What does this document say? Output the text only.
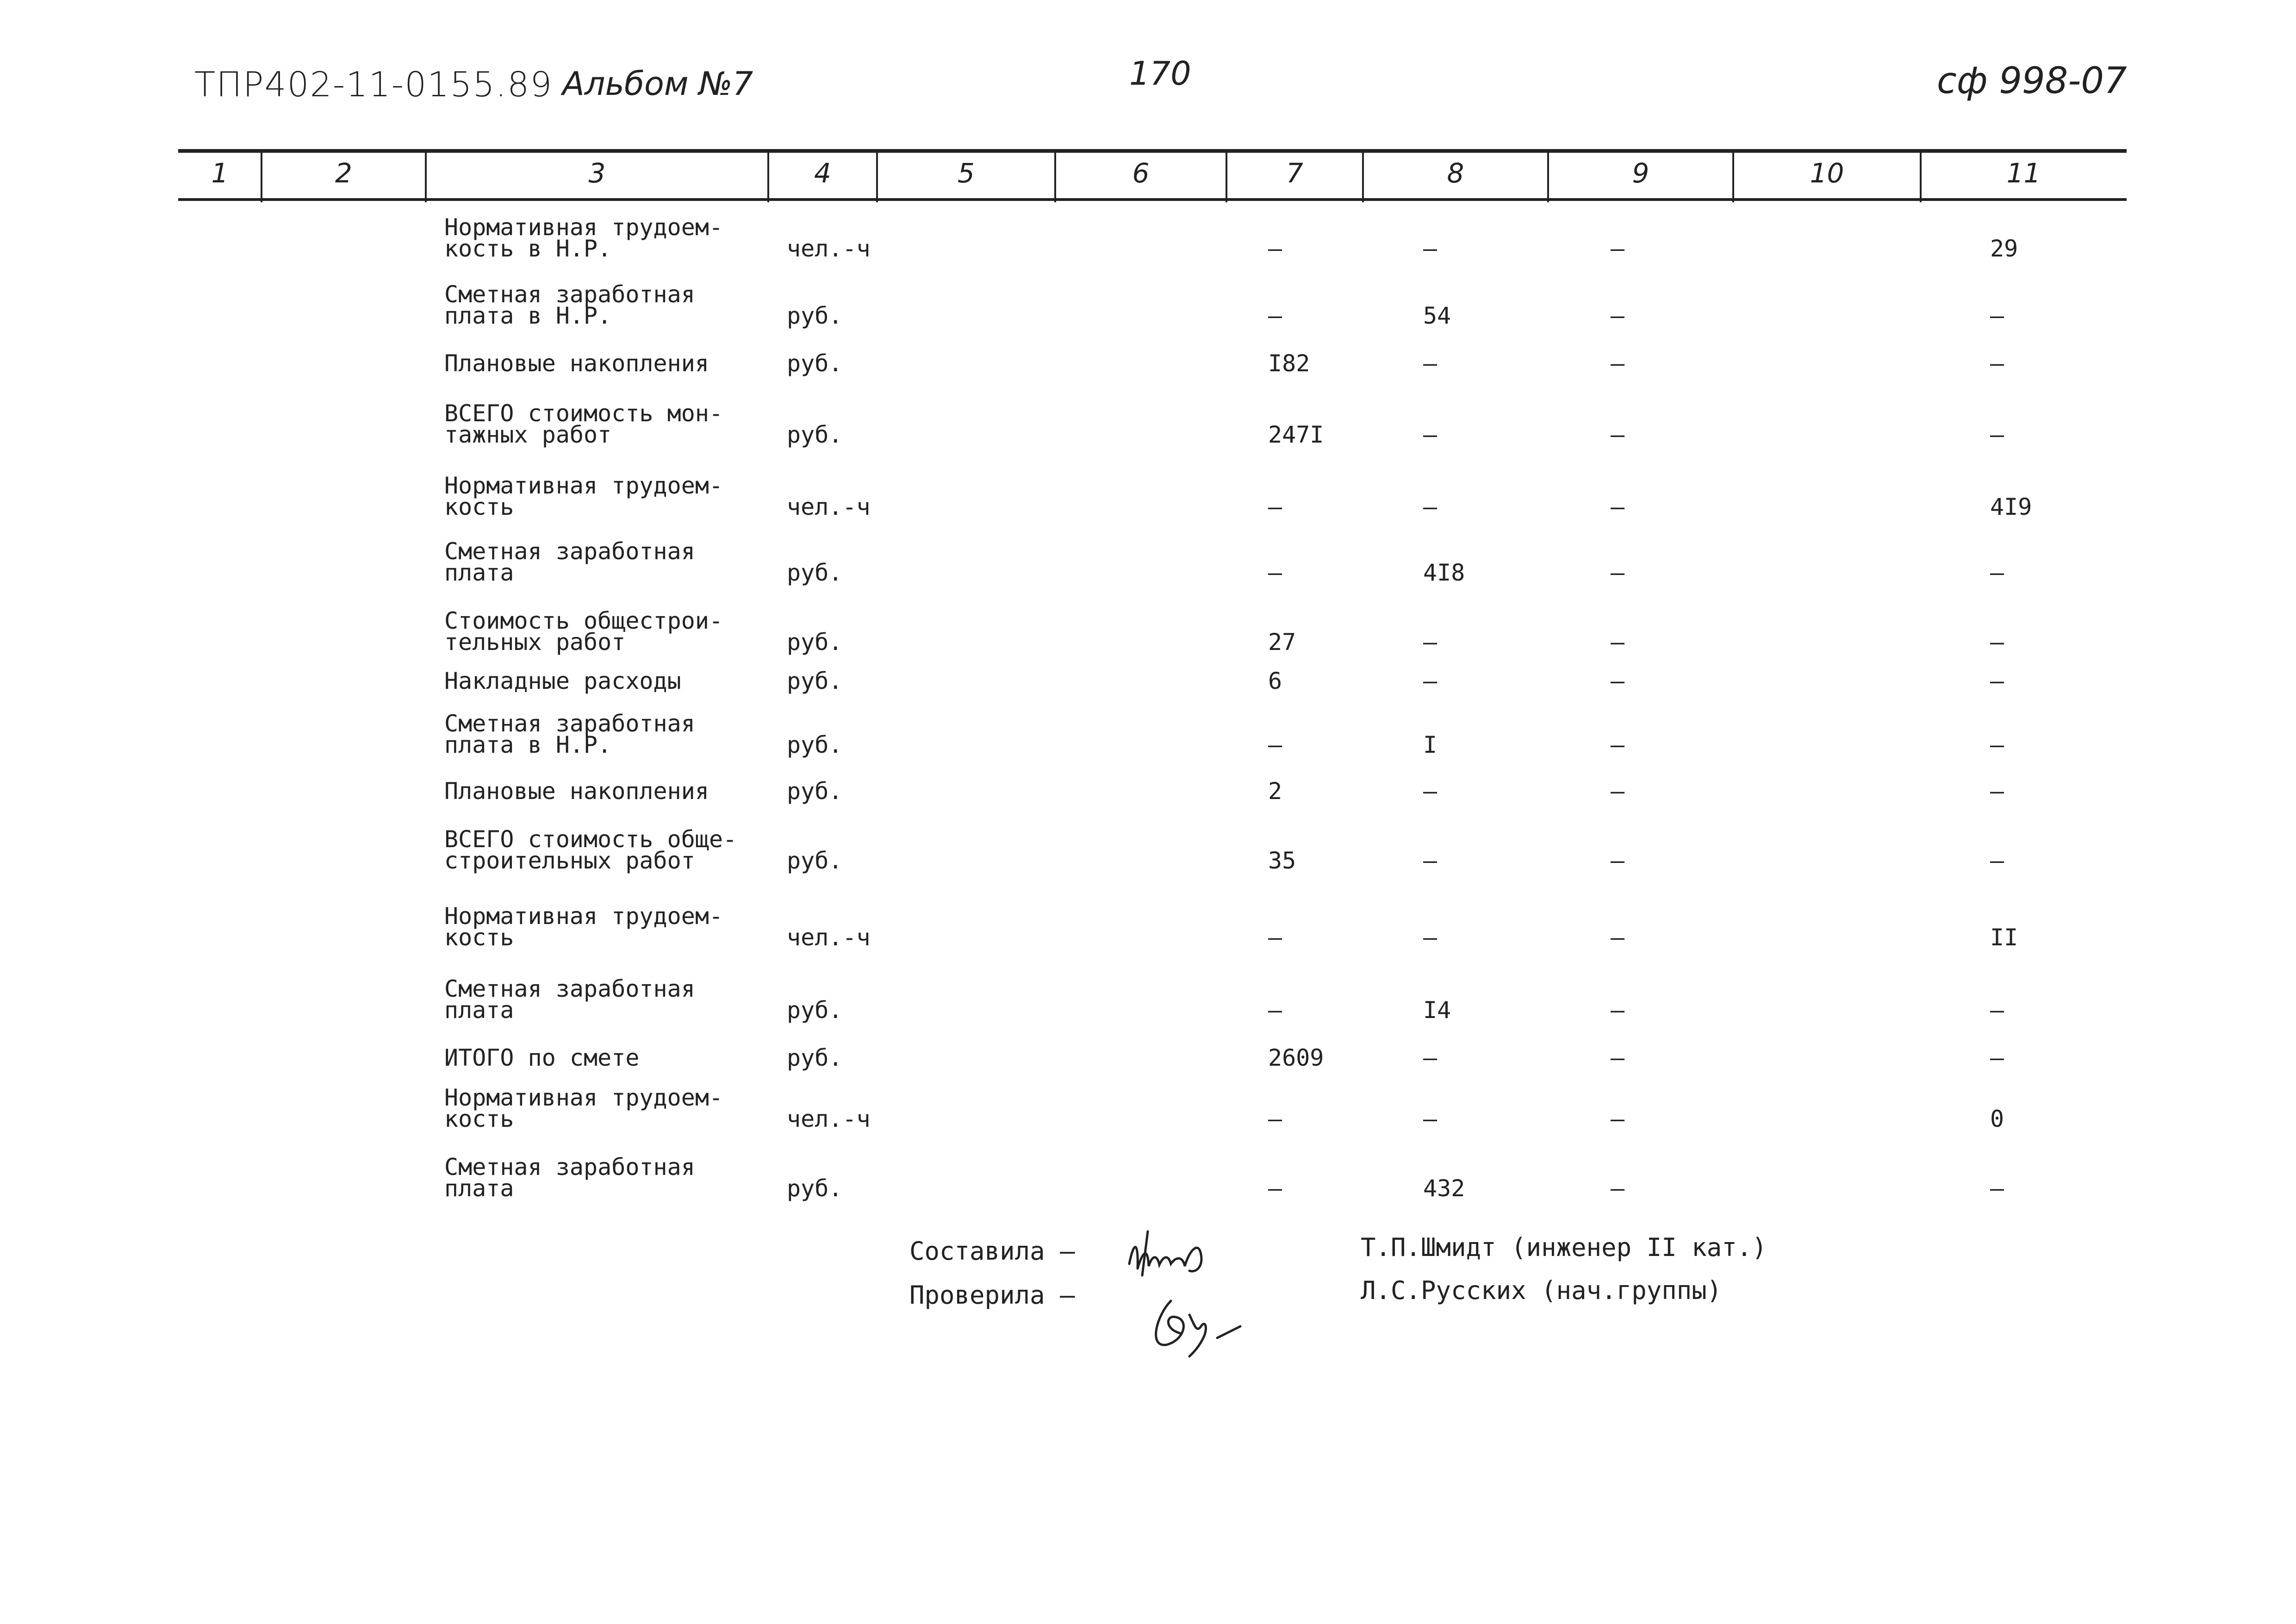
ТПР402-11-0155.89 Альбом №7	170	сф 998-07
1	2	3	4	5	6	7	8	9	10	11
Нормативная трудоем-
кость в Н.Р.	чел.-ч	–	–	–	29
Сметная заработная
плата в Н.Р.	руб.	–	54	–	–
Плановые накопления	руб.	I82	–	–	–
ВСЕГО стоимость мон-
тажных работ	руб.	247I	–	–	–
Нормативная трудоем-
кость	чел.-ч	–	–	–	4I9
Сметная заработная
плата	руб.	–	4I8	–	–
Стоимость общестрои-
тельных работ	руб.	27	–	–	–
Накладные расходы	руб.	6	–	–	–
Сметная заработная
плата в Н.Р.	руб.	–	I	–	–
Плановые накопления	руб.	2	–	–	–
ВСЕГО стоимость обще-
строительных работ	руб.	35	–	–	–
Нормативная трудоем-
кость	чел.-ч	–	–	–	II
Сметная заработная
плата	руб.	–	I4	–	–
ИТОГО по смете	руб.	2609	–	–	–
Нормативная трудоем-
кость	чел.-ч	–	–	–	0
Сметная заработная
плата	руб.	–	432	–	–
Составила –	Т.П.Шмидт (инженер II кат.)
Проверила –	Л.С.Русских (нач.группы)
